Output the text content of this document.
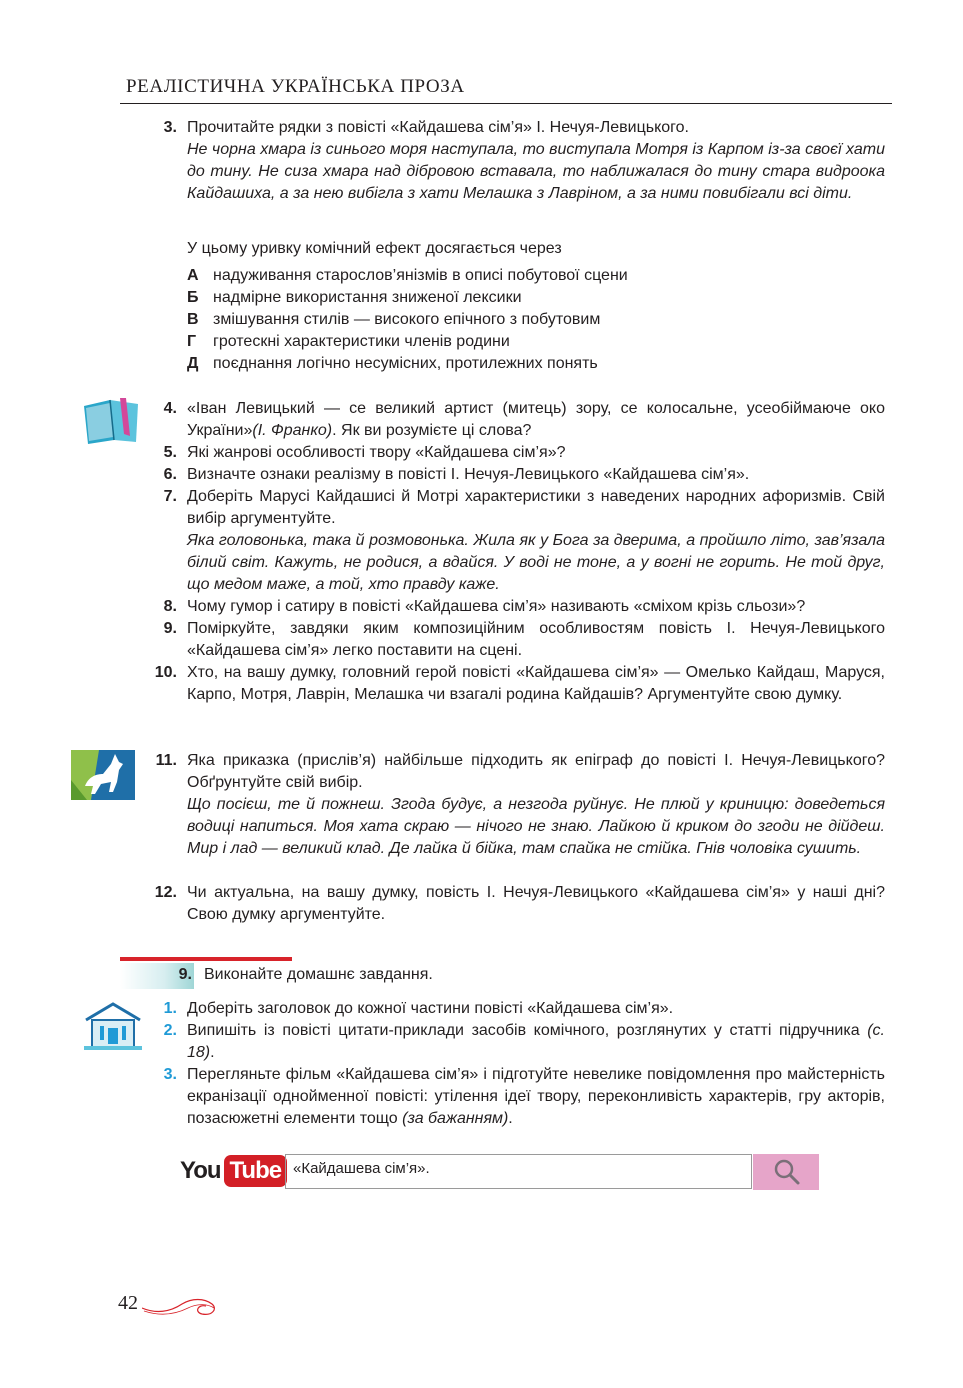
РЕАЛІСТИЧНА УКРАЇНСЬКА ПРОЗА
3. Прочитайте рядки з повісті «Кайдашева сім’я» І. Нечуя-Левицького.
Не чорна хмара із синього моря наступала, то виступала Мотря із Карпом із-за своєї хати до тину. Не сиза хмара над дібровою вставала, то наближалася до тину стара видроока Кайдашиха, а за нею вибігла з хати Мелашка з Лавріном, а за ними повибігали всі діти.
У цьому уривку комічний ефект досягається через
А надуживання старослов’янізмів в описі побутової сцени
Б надмірне використання зниженої лексики
В змішування стилів — високого епічного з побутовим
Г гротескні характеристики членів родини
Д поєднання логічно несумісних, протилежних понять
4. «Іван Левицький — се великий артист (митець) зору, се колосальне, усеобіймаюче око України»(І. Франко). Як ви розумієте ці слова?
5. Які жанрові особливості твору «Кайдашева сім’я»?
6. Визначте ознаки реалізму в повісті І. Нечуя-Левицького «Кайдашева сім’я».
7. Доберіть Марусі Кайдашисі й Мотрі характеристики з наведених народних афоризмів. Свій вибір аргументуйте.
Яка головонька, така й розмовонька. Жила як у Бога за дверима, а пройшло літо, зав’язала білий світ. Кажуть, не родися, а вдайся. У воді не тоне, а у вогні не горить. Не той друг, що медом маже, а той, хто правду каже.
8. Чому гумор і сатиру в повісті «Кайдашева сім’я» називають «сміхом крізь сльози»?
9. Поміркуйте, завдяки яким композиційним особливостям повість І. Нечуя-Левицького «Кайдашева сім’я» легко поставити на сцені.
10. Хто, на вашу думку, головний герой повісті «Кайдашева сім’я» — Омелько Кайдаш, Маруся, Карпо, Мотря, Лаврін, Мелашка чи взагалі родина Кайдашів? Аргументуйте свою думку.
11. Яка приказка (прислів’я) найбільше підходить як епіграф до повісті І. Нечуя-Левицького? Обґрунтуйте свій вибір.
Що посієш, те й пожнеш. Згода будує, а незгода руйнує. Не плюй у криницю: доведеться водиці напиться. Моя хата скраю — нічого не знаю. Лайкою й криком до згоди не дійдеш. Мир і лад — великий клад. Де лайка й бійка, там спайка не стійка. Гнів чоловіка сушить.
12. Чи актуальна, на вашу думку, повість І. Нечуя-Левицького «Кайдашева сім’я» у наші дні? Свою думку аргументуйте.
9. Виконайте домашнє завдання.
1. Доберіть заголовок до кожної частини повісті «Кайдашева сім’я».
2. Випишіть із повісті цитати-приклади засобів комічного, розглянутих у статті підручника (с. 18).
3. Перегляньте фільм «Кайдашева сім’я» і підготуйте невелике повідомлення про майстерність екранізації однойменної повісті: утілення ідеї твору, переконливість характерів, гру акторів, позасюжетні елементи тощо (за бажанням).
You Tube «Кайдашева сім’я».
42
